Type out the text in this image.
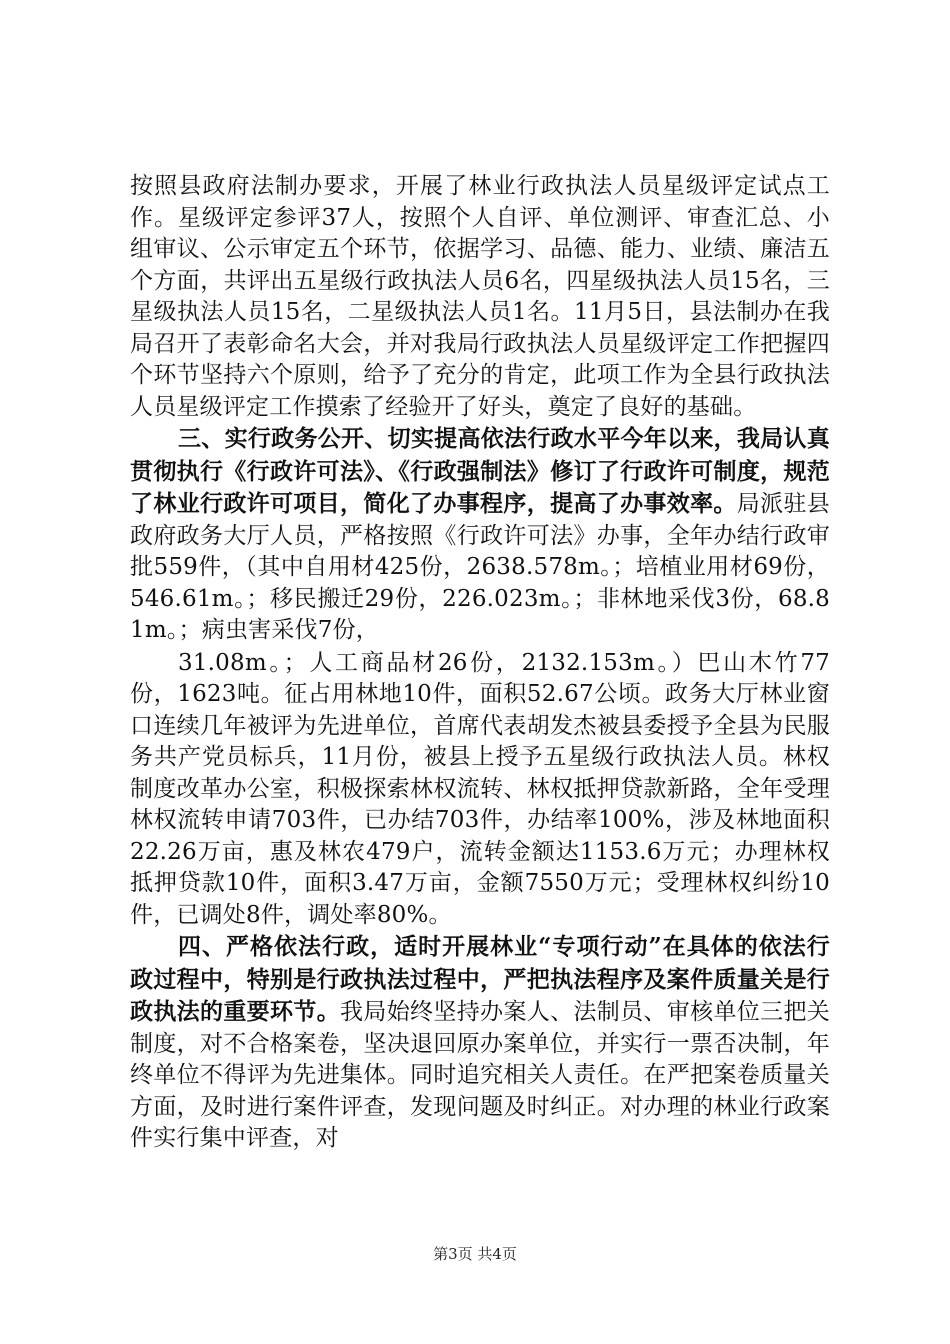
按照县政府法制办要求，开展了林业行政执法人员星级评定试点工作。星级评定参评37人，按照个人自评、单位测评、审查汇总、小组审议、公示审定五个环节，依据学习、品德、能力、业绩、廉洁五个方面，共评出五星级行政执法人员6名，四星级执法人员15名，三星级执法人员15名，二星级执法人员1名。11月5日，县法制办在我局召开了表彰命名大会，并对我局行政执法人员星级评定工作把握四个环节坚持六个原则，给予了充分的肯定，此项工作为全县行政执法人员星级评定工作摸索了经验开了好头，奠定了良好的基础。

三、实行政务公开、切实提高依法行政水平今年以来，我局认真贯彻执行《行政许可法》、《行政强制法》修订了行政许可制度，规范了林业行政许可项目，简化了办事程序，提高了办事效率。局派驻县政府政务大厅人员，严格按照《行政许可法》办事，全年办结行政审批559件，（其中自用材425份，2638.578m。；培植业用材69份，546.61m。；移民搬迁29份，226.023m。；非林地采伐3份，68.81m。；病虫害采伐7份，

31.08m。；人工商品材26份，2132.153m。）巴山木竹77份，1623吨。征占用林地10件，面积52.67公顷。政务大厅林业窗口连续几年被评为先进单位，首席代表胡发杰被县委授予全县为民服务共产党员标兵，11月份，被县上授予五星级行政执法人员。林权制度改革办公室，积极探索林权流转、林权抵押贷款新路，全年受理林权流转申请703件，已办结703件，办结率100%，涉及林地面积22.26万亩，惠及林农479户，流转金额达1153.6万元；办理林权抵押贷款10件，面积3.47万亩，金额7550万元；受理林权纠纷10件，已调处8件，调处率80%。

四、严格依法行政，适时开展林业“专项行动”在具体的依法行政过程中，特别是行政执法过程中，严把执法程序及案件质量关是行政执法的重要环节。我局始终坚持办案人、法制员、审核单位三把关制度，对不合格案卷，坚决退回原办案单位，并实行一票否决制，年终单位不得评为先进集体。同时追究相关人责任。在严把案卷质量关方面，及时进行案件评查，发现问题及时纠正。对办理的林业行政案件实行集中评查，对

第3页 共4页
